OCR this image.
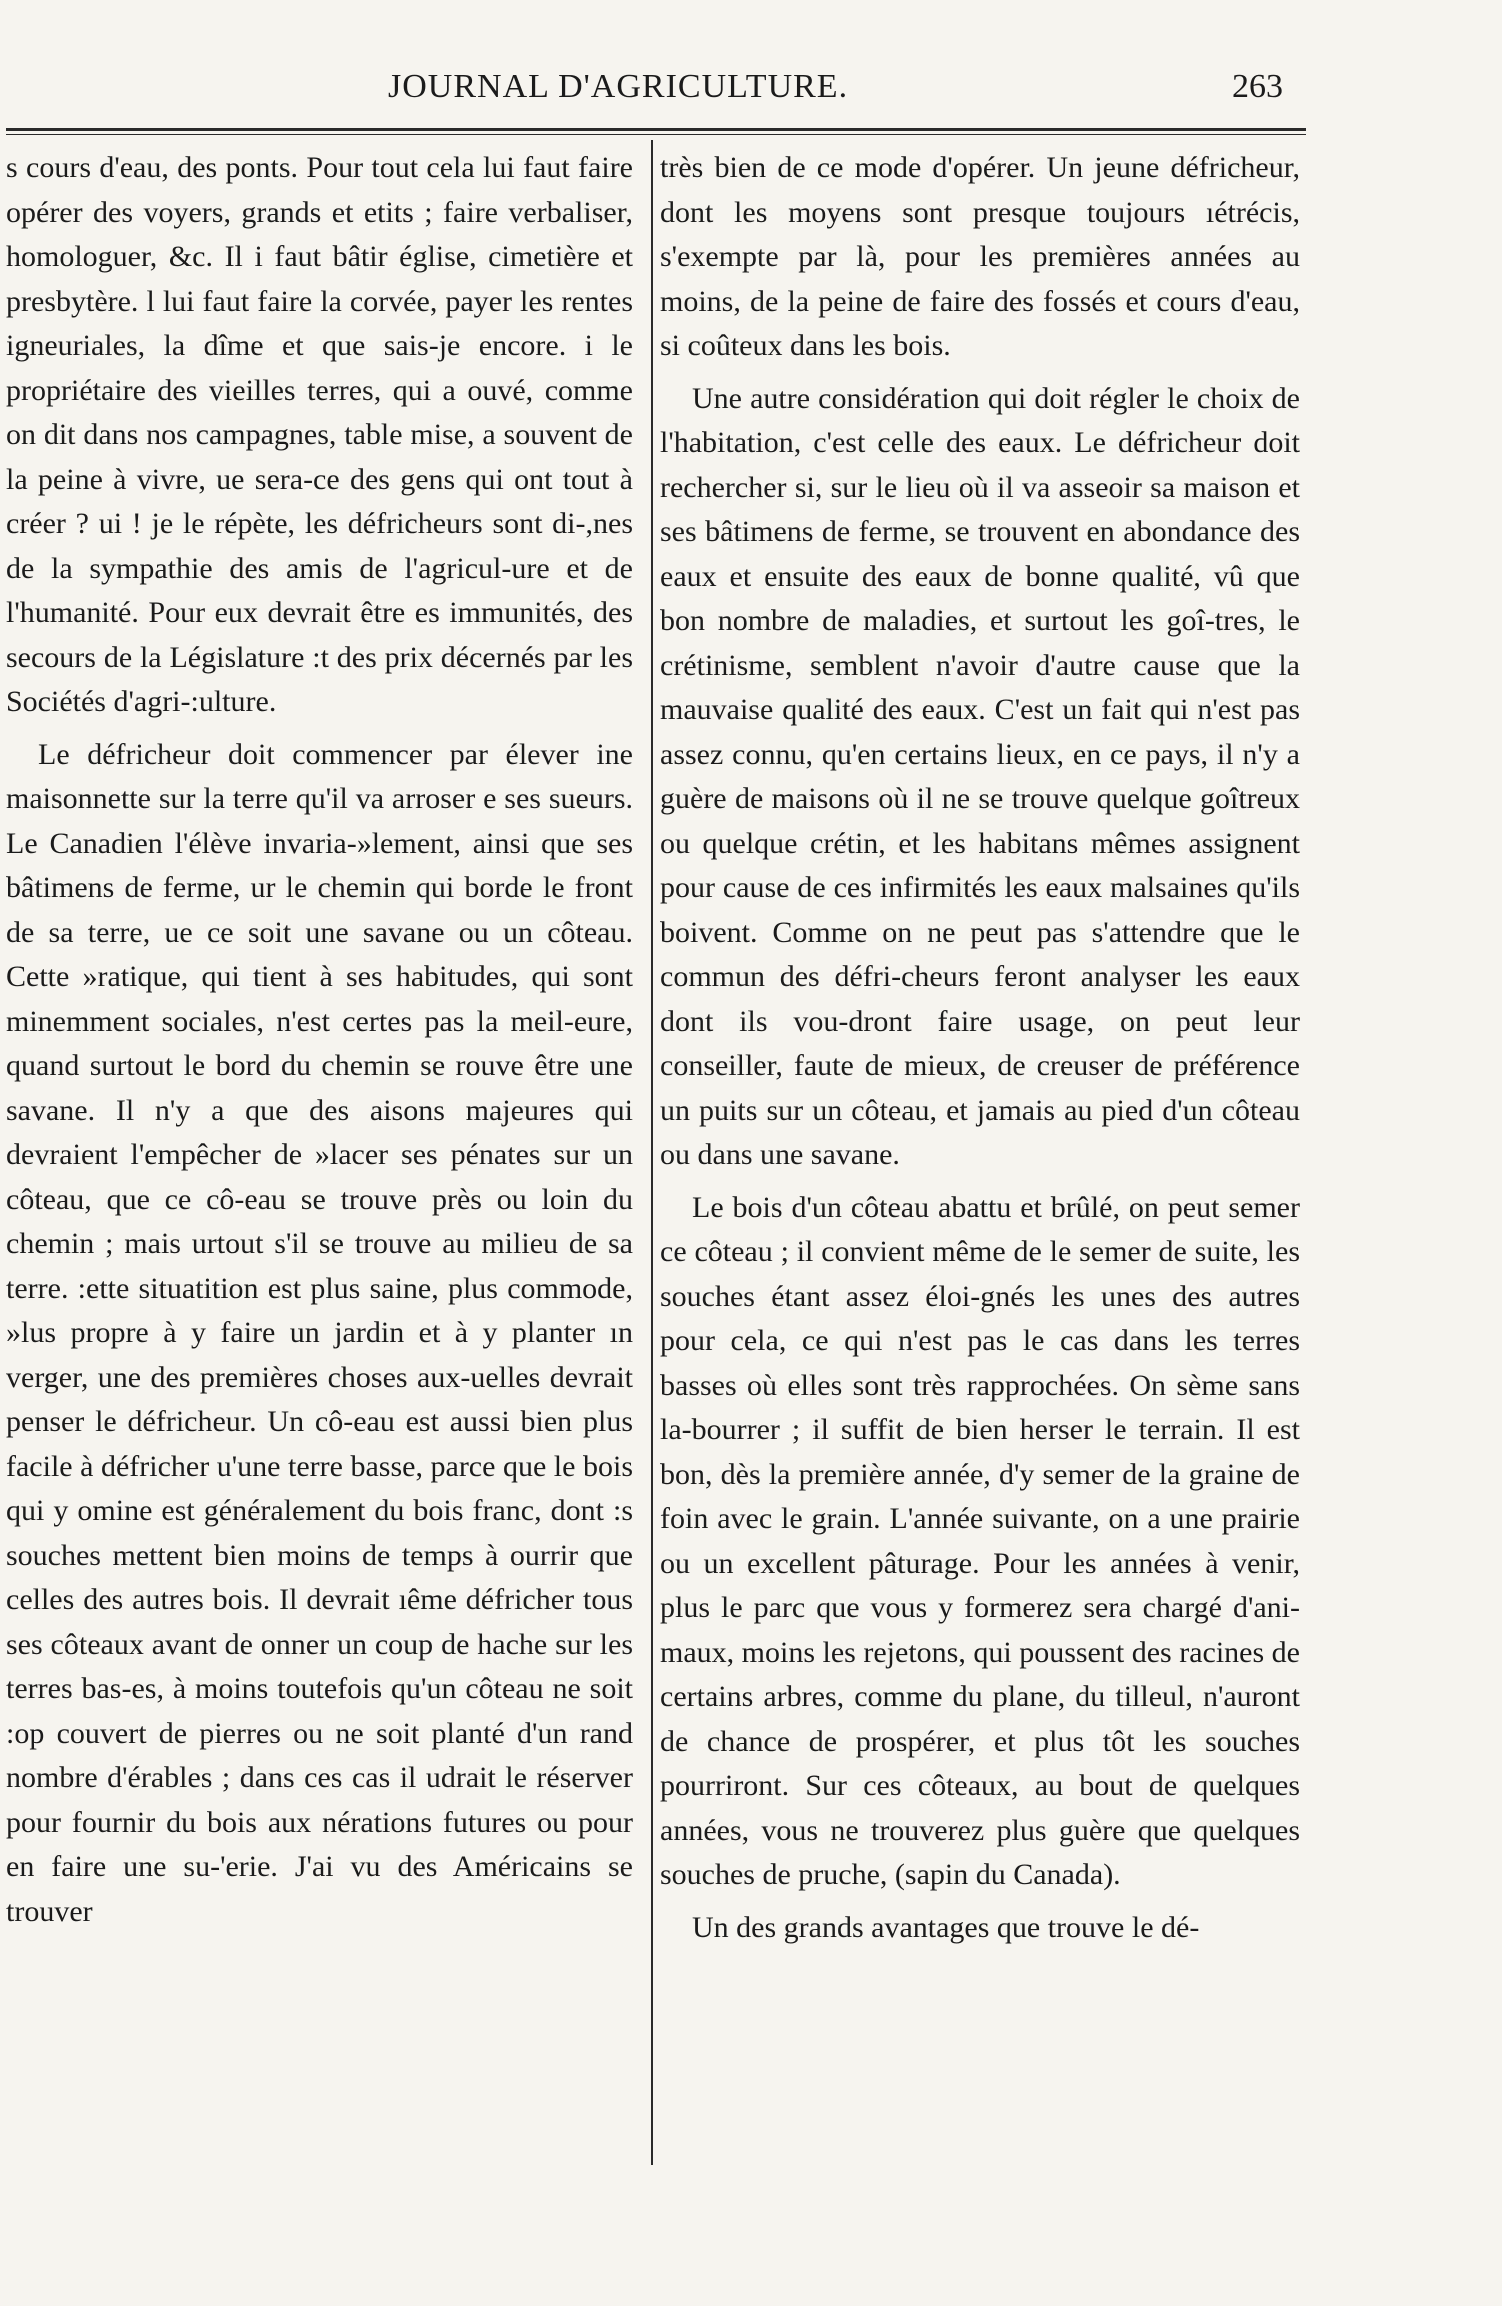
JOURNAL D'AGRICULTURE.	263

s cours d'eau, des ponts. Pour tout cela lui faut faire opérer des voyers, grands et etits ; faire verbaliser, homologuer, &c. Il i faut bâtir église, cimetière et presbytère. l lui faut faire la corvée, payer les rentes igneuriales, la dîme et que sais-je encore. i le propriétaire des vieilles terres, qui a ouvé, comme on dit dans nos campagnes, table mise, a souvent de la peine à vivre, ue sera-ce des gens qui ont tout à créer ? ui ! je le répète, les défricheurs sont di-,nes de la sympathie des amis de l'agricul-ure et de l'humanité. Pour eux devrait être es immunités, des secours de la Législature :t des prix décernés par les Sociétés d'agri-:ulture.

Le défricheur doit commencer par élever ine maisonnette sur la terre qu'il va arroser e ses sueurs. Le Canadien l'élève invaria-»lement, ainsi que ses bâtimens de ferme, ur le chemin qui borde le front de sa terre, ue ce soit une savane ou un côteau. Cette »ratique, qui tient à ses habitudes, qui sont minemment sociales, n'est certes pas la meil-eure, quand surtout le bord du chemin se rouve être une savane. Il n'y a que des aisons majeures qui devraient l'empêcher de »lacer ses pénates sur un côteau, que ce cô-eau se trouve près ou loin du chemin ; mais urtout s'il se trouve au milieu de sa terre. :ette situatition est plus saine, plus commode, »lus propre à y faire un jardin et à y planter ın verger, une des premières choses aux-uelles devrait penser le défricheur. Un cô-eau est aussi bien plus facile à défricher u'une terre basse, parce que le bois qui y omine est généralement du bois franc, dont :s souches mettent bien moins de temps à ourrir que celles des autres bois. Il devrait ıême défricher tous ses côteaux avant de onner un coup de hache sur les terres bas-es, à moins toutefois qu'un côteau ne soit :op couvert de pierres ou ne soit planté d'un rand nombre d'érables ; dans ces cas il udrait le réserver pour fournir du bois aux nérations futures ou pour en faire une su-'erie. J'ai vu des Américains se trouver

très bien de ce mode d'opérer. Un jeune défricheur, dont les moyens sont presque toujours ıétrécis, s'exempte par là, pour les premières années au moins, de la peine de faire des fossés et cours d'eau, si coûteux dans les bois.

Une autre considération qui doit régler le choix de l'habitation, c'est celle des eaux. Le défricheur doit rechercher si, sur le lieu où il va asseoir sa maison et ses bâtimens de ferme, se trouvent en abondance des eaux et ensuite des eaux de bonne qualité, vû que bon nombre de maladies, et surtout les goî-tres, le crétinisme, semblent n'avoir d'autre cause que la mauvaise qualité des eaux. C'est un fait qui n'est pas assez connu, qu'en certains lieux, en ce pays, il n'y a guère de maisons où il ne se trouve quelque goîtreux ou quelque crétin, et les habitans mêmes assignent pour cause de ces infirmités les eaux malsaines qu'ils boivent. Comme on ne peut pas s'attendre que le commun des défri-cheurs feront analyser les eaux dont ils vou-dront faire usage, on peut leur conseiller, faute de mieux, de creuser de préférence un puits sur un côteau, et jamais au pied d'un côteau ou dans une savane.

Le bois d'un côteau abattu et brûlé, on peut semer ce côteau ; il convient même de le semer de suite, les souches étant assez éloi-gnés les unes des autres pour cela, ce qui n'est pas le cas dans les terres basses où elles sont très rapprochées. On sème sans la-bourrer ; il suffit de bien herser le terrain. Il est bon, dès la première année, d'y semer de la graine de foin avec le grain. L'année suivante, on a une prairie ou un excellent pâturage. Pour les années à venir, plus le parc que vous y formerez sera chargé d'ani-maux, moins les rejetons, qui poussent des racines de certains arbres, comme du plane, du tilleul, n'auront de chance de prospérer, et plus tôt les souches pourriront. Sur ces côteaux, au bout de quelques années, vous ne trouverez plus guère que quelques souches de pruche, (sapin du Canada).

Un des grands avantages que trouve le dé-
